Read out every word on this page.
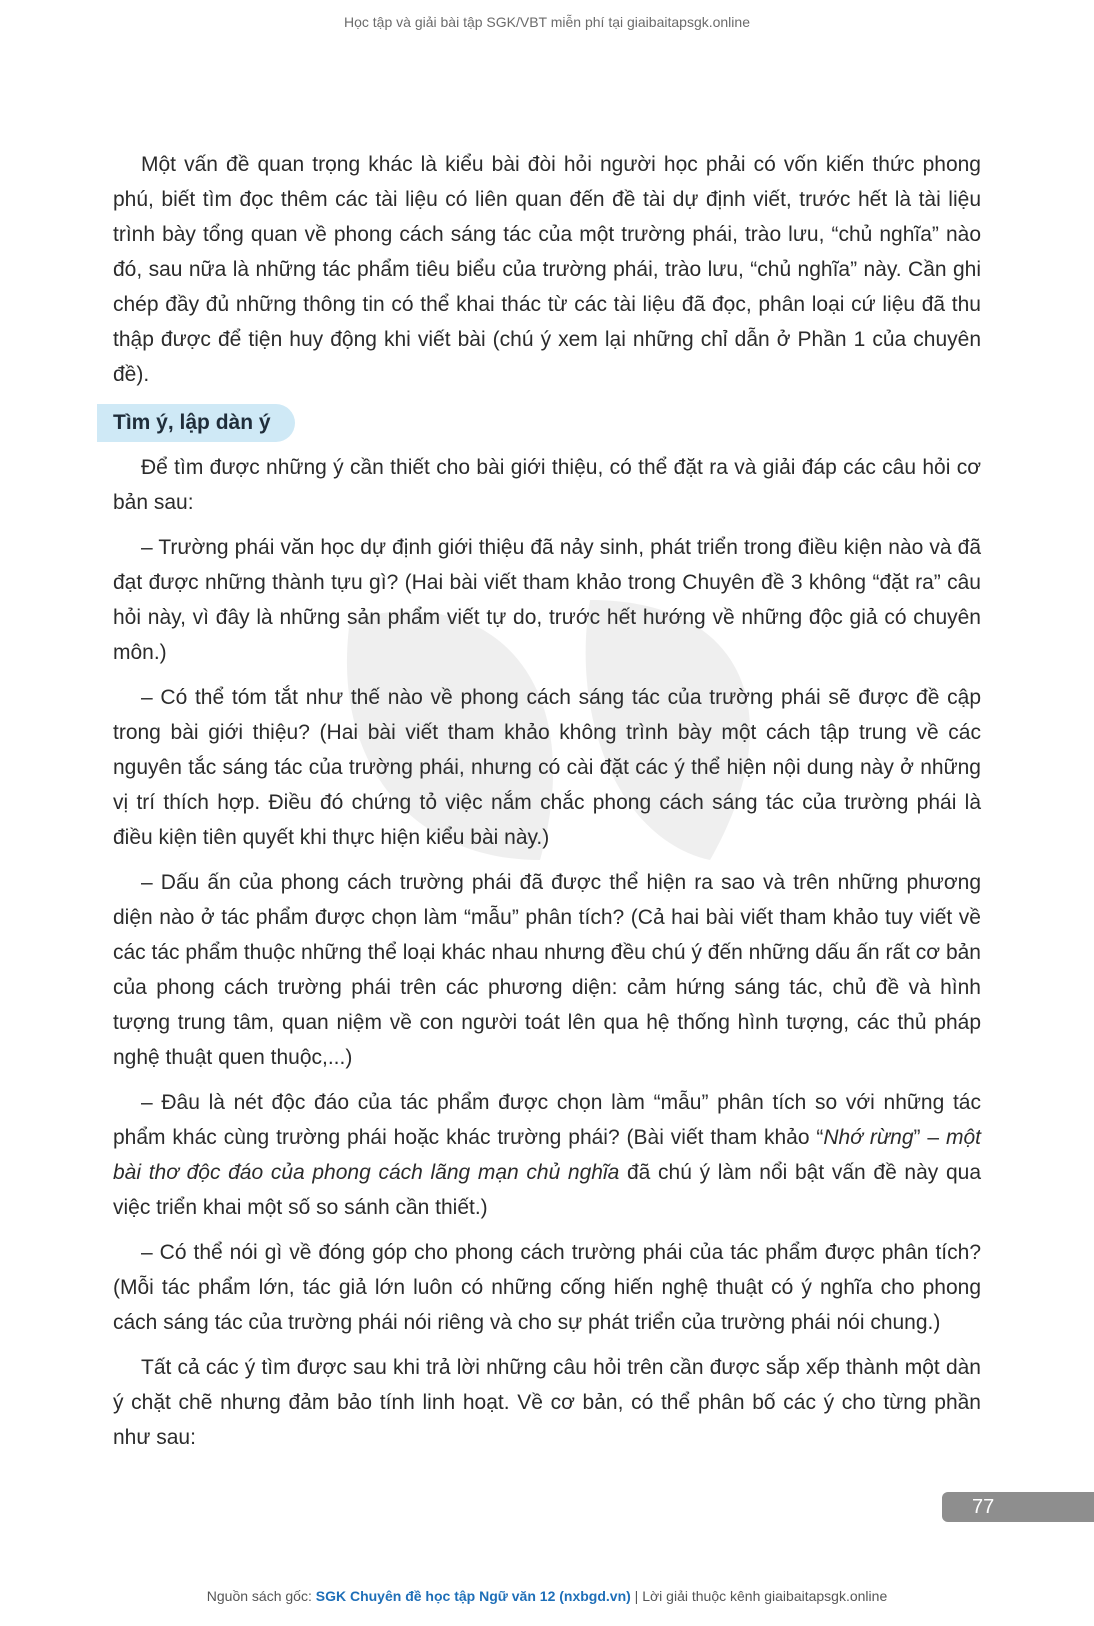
Học tập và giải bài tập SGK/VBT miễn phí tại giaibaitapsgk.online

Một vấn đề quan trọng khác là kiểu bài đòi hỏi người học phải có vốn kiến thức phong phú, biết tìm đọc thêm các tài liệu có liên quan đến đề tài dự định viết, trước hết là tài liệu trình bày tổng quan về phong cách sáng tác của một trường phái, trào lưu, “chủ nghĩa” nào đó, sau nữa là những tác phẩm tiêu biểu của trường phái, trào lưu, “chủ nghĩa” này. Cần ghi chép đầy đủ những thông tin có thể khai thác từ các tài liệu đã đọc, phân loại cứ liệu đã thu thập được để tiện huy động khi viết bài (chú ý xem lại những chỉ dẫn ở Phần 1 của chuyên đề).

Tìm ý, lập dàn ý

Để tìm được những ý cần thiết cho bài giới thiệu, có thể đặt ra và giải đáp các câu hỏi cơ bản sau:

– Trường phái văn học dự định giới thiệu đã nảy sinh, phát triển trong điều kiện nào và đã đạt được những thành tựu gì? (Hai bài viết tham khảo trong Chuyên đề 3 không “đặt ra” câu hỏi này, vì đây là những sản phẩm viết tự do, trước hết hướng về những độc giả có chuyên môn.)

– Có thể tóm tắt như thế nào về phong cách sáng tác của trường phái sẽ được đề cập trong bài giới thiệu? (Hai bài viết tham khảo không trình bày một cách tập trung về các nguyên tắc sáng tác của trường phái, nhưng có cài đặt các ý thể hiện nội dung này ở những vị trí thích hợp. Điều đó chứng tỏ việc nắm chắc phong cách sáng tác của trường phái là điều kiện tiên quyết khi thực hiện kiểu bài này.)

– Dấu ấn của phong cách trường phái đã được thể hiện ra sao và trên những phương diện nào ở tác phẩm được chọn làm “mẫu” phân tích? (Cả hai bài viết tham khảo tuy viết về các tác phẩm thuộc những thể loại khác nhau nhưng đều chú ý đến những dấu ấn rất cơ bản của phong cách trường phái trên các phương diện: cảm hứng sáng tác, chủ đề và hình tượng trung tâm, quan niệm về con người toát lên qua hệ thống hình tượng, các thủ pháp nghệ thuật quen thuộc,...)

– Đâu là nét độc đáo của tác phẩm được chọn làm “mẫu” phân tích so với những tác phẩm khác cùng trường phái hoặc khác trường phái? (Bài viết tham khảo “Nhớ rừng” – một bài thơ độc đáo của phong cách lãng mạn chủ nghĩa đã chú ý làm nổi bật vấn đề này qua việc triển khai một số so sánh cần thiết.)

– Có thể nói gì về đóng góp cho phong cách trường phái của tác phẩm được phân tích? (Mỗi tác phẩm lớn, tác giả lớn luôn có những cống hiến nghệ thuật có ý nghĩa cho phong cách sáng tác của trường phái nói riêng và cho sự phát triển của trường phái nói chung.)

Tất cả các ý tìm được sau khi trả lời những câu hỏi trên cần được sắp xếp thành một dàn ý chặt chẽ nhưng đảm bảo tính linh hoạt. Về cơ bản, có thể phân bố các ý cho từng phần như sau:

77
Nguồn sách gốc: SGK Chuyên đề học tập Ngữ văn 12 (nxbgd.vn) | Lời giải thuộc kênh giaibaitapsgk.online
